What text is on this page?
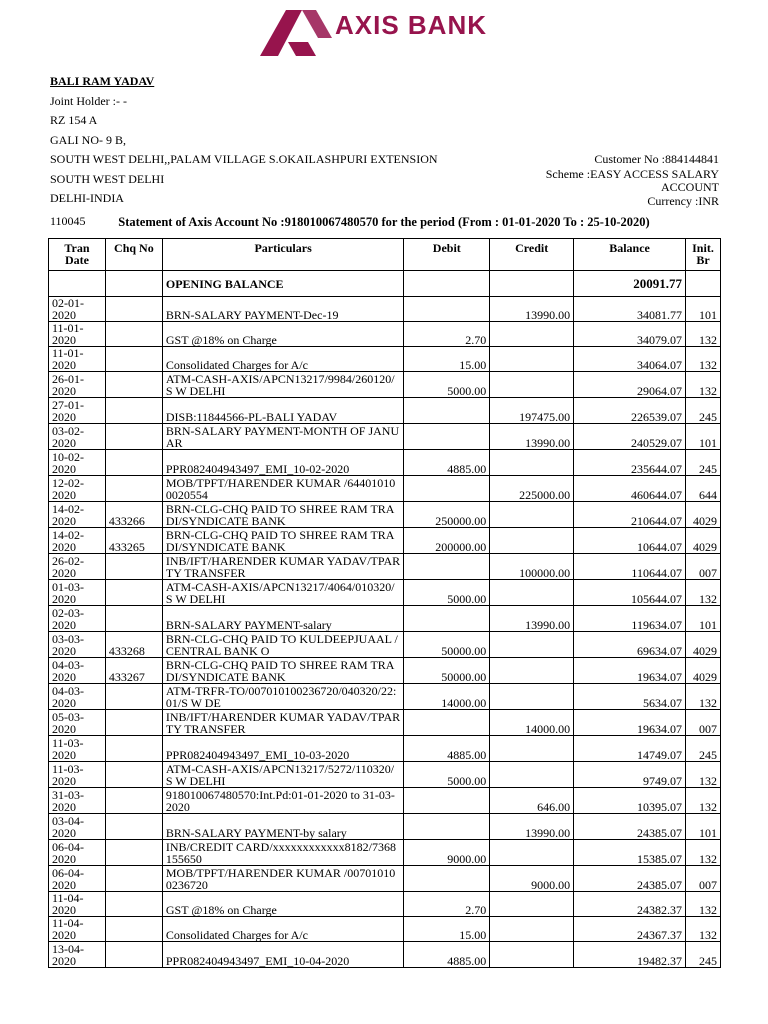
AXIS BANK
BALI RAM YADAV
Joint Holder :- -
RZ 154 A
GALI NO- 9 B,
SOUTH WEST DELHI,,PALAM VILLAGE S.OKAILASHPURI EXTENSION
SOUTH WEST DELHI
DELHI-INDIA
110045
Customer No :884144841
Scheme :EASY ACCESS SALARY
ACCOUNT
Currency :INR
Statement of Axis Account No :918010067480570 for the period (From : 01-01-2020 To : 25-10-2020)
Tran Date	Chq No	Particulars	Debit	Credit	Balance	Init. Br
		OPENING BALANCE			20091.77	
02-01-2020		BRN-SALARY PAYMENT-Dec-19		13990.00	34081.77	101
11-01-2020		GST @18% on Charge	2.70		34079.07	132
11-01-2020		Consolidated Charges for A/c	15.00		34064.07	132
26-01-2020		ATM-CASH-AXIS/APCN13217/9984/260120/S W DELHI	5000.00		29064.07	132
27-01-2020		DISB:11844566-PL-BALI YADAV		197475.00	226539.07	245
03-02-2020		BRN-SALARY PAYMENT-MONTH OF JANUAR		13990.00	240529.07	101
10-02-2020		PPR082404943497_EMI_10-02-2020	4885.00		235644.07	245
12-02-2020		MOB/TPFT/HARENDER KUMAR /644010100020554		225000.00	460644.07	644
14-02-2020	433266	BRN-CLG-CHQ PAID TO SHREE RAM TRADI/SYNDICATE BANK	250000.00		210644.07	4029
14-02-2020	433265	BRN-CLG-CHQ PAID TO SHREE RAM TRADI/SYNDICATE BANK	200000.00		10644.07	4029
26-02-2020		INB/IFT/HARENDER KUMAR YADAV/TPARTY TRANSFER		100000.00	110644.07	007
01-03-2020		ATM-CASH-AXIS/APCN13217/4064/010320/S W DELHI	5000.00		105644.07	132
02-03-2020		BRN-SALARY PAYMENT-salary		13990.00	119634.07	101
03-03-2020	433268	BRN-CLG-CHQ PAID TO KULDEEPJUAAL /CENTRAL BANK O	50000.00		69634.07	4029
04-03-2020	433267	BRN-CLG-CHQ PAID TO SHREE RAM TRADI/SYNDICATE BANK	50000.00		19634.07	4029
04-03-2020		ATM-TRFR-TO/007010100236720/040320/22:01/S W DE	14000.00		5634.07	132
05-03-2020		INB/IFT/HARENDER KUMAR YADAV/TPARTY TRANSFER		14000.00	19634.07	007
11-03-2020		PPR082404943497_EMI_10-03-2020	4885.00		14749.07	245
11-03-2020		ATM-CASH-AXIS/APCN13217/5272/110320/S W DELHI	5000.00		9749.07	132
31-03-2020		918010067480570:Int.Pd:01-01-2020 to 31-03-2020		646.00	10395.07	132
03-04-2020		BRN-SALARY PAYMENT-by salary		13990.00	24385.07	101
06-04-2020		INB/CREDIT CARD/xxxxxxxxxxxx8182/7368155650	9000.00		15385.07	132
06-04-2020		MOB/TPFT/HARENDER KUMAR /007010100236720		9000.00	24385.07	007
11-04-2020		GST @18% on Charge	2.70		24382.37	132
11-04-2020		Consolidated Charges for A/c	15.00		24367.37	132
13-04-2020		PPR082404943497_EMI_10-04-2020	4885.00		19482.37	245
